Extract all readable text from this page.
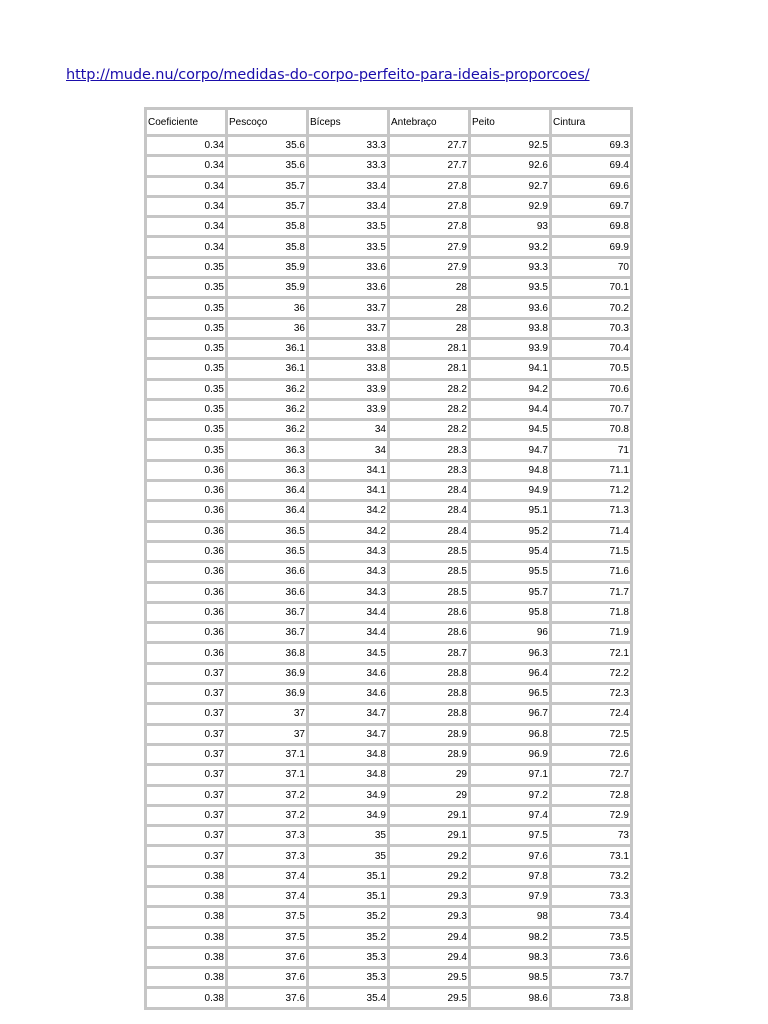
http://mude.nu/corpo/medidas-do-corpo-perfeito-para-ideais-proporcoes/
Coeficiente	Pescoço	Bíceps	Antebraço	Peito	Cintura
0.34	35.6	33.3	27.7	92.5	69.3
0.34	35.6	33.3	27.7	92.6	69.4
0.34	35.7	33.4	27.8	92.7	69.6
0.34	35.7	33.4	27.8	92.9	69.7
0.34	35.8	33.5	27.8	93	69.8
0.34	35.8	33.5	27.9	93.2	69.9
0.35	35.9	33.6	27.9	93.3	70
0.35	35.9	33.6	28	93.5	70.1
0.35	36	33.7	28	93.6	70.2
0.35	36	33.7	28	93.8	70.3
0.35	36.1	33.8	28.1	93.9	70.4
0.35	36.1	33.8	28.1	94.1	70.5
0.35	36.2	33.9	28.2	94.2	70.6
0.35	36.2	33.9	28.2	94.4	70.7
0.35	36.2	34	28.2	94.5	70.8
0.35	36.3	34	28.3	94.7	71
0.36	36.3	34.1	28.3	94.8	71.1
0.36	36.4	34.1	28.4	94.9	71.2
0.36	36.4	34.2	28.4	95.1	71.3
0.36	36.5	34.2	28.4	95.2	71.4
0.36	36.5	34.3	28.5	95.4	71.5
0.36	36.6	34.3	28.5	95.5	71.6
0.36	36.6	34.3	28.5	95.7	71.7
0.36	36.7	34.4	28.6	95.8	71.8
0.36	36.7	34.4	28.6	96	71.9
0.36	36.8	34.5	28.7	96.3	72.1
0.37	36.9	34.6	28.8	96.4	72.2
0.37	36.9	34.6	28.8	96.5	72.3
0.37	37	34.7	28.8	96.7	72.4
0.37	37	34.7	28.9	96.8	72.5
0.37	37.1	34.8	28.9	96.9	72.6
0.37	37.1	34.8	29	97.1	72.7
0.37	37.2	34.9	29	97.2	72.8
0.37	37.2	34.9	29.1	97.4	72.9
0.37	37.3	35	29.1	97.5	73
0.37	37.3	35	29.2	97.6	73.1
0.38	37.4	35.1	29.2	97.8	73.2
0.38	37.4	35.1	29.3	97.9	73.3
0.38	37.5	35.2	29.3	98	73.4
0.38	37.5	35.2	29.4	98.2	73.5
0.38	37.6	35.3	29.4	98.3	73.6
0.38	37.6	35.3	29.5	98.5	73.7
0.38	37.6	35.4	29.5	98.6	73.8
